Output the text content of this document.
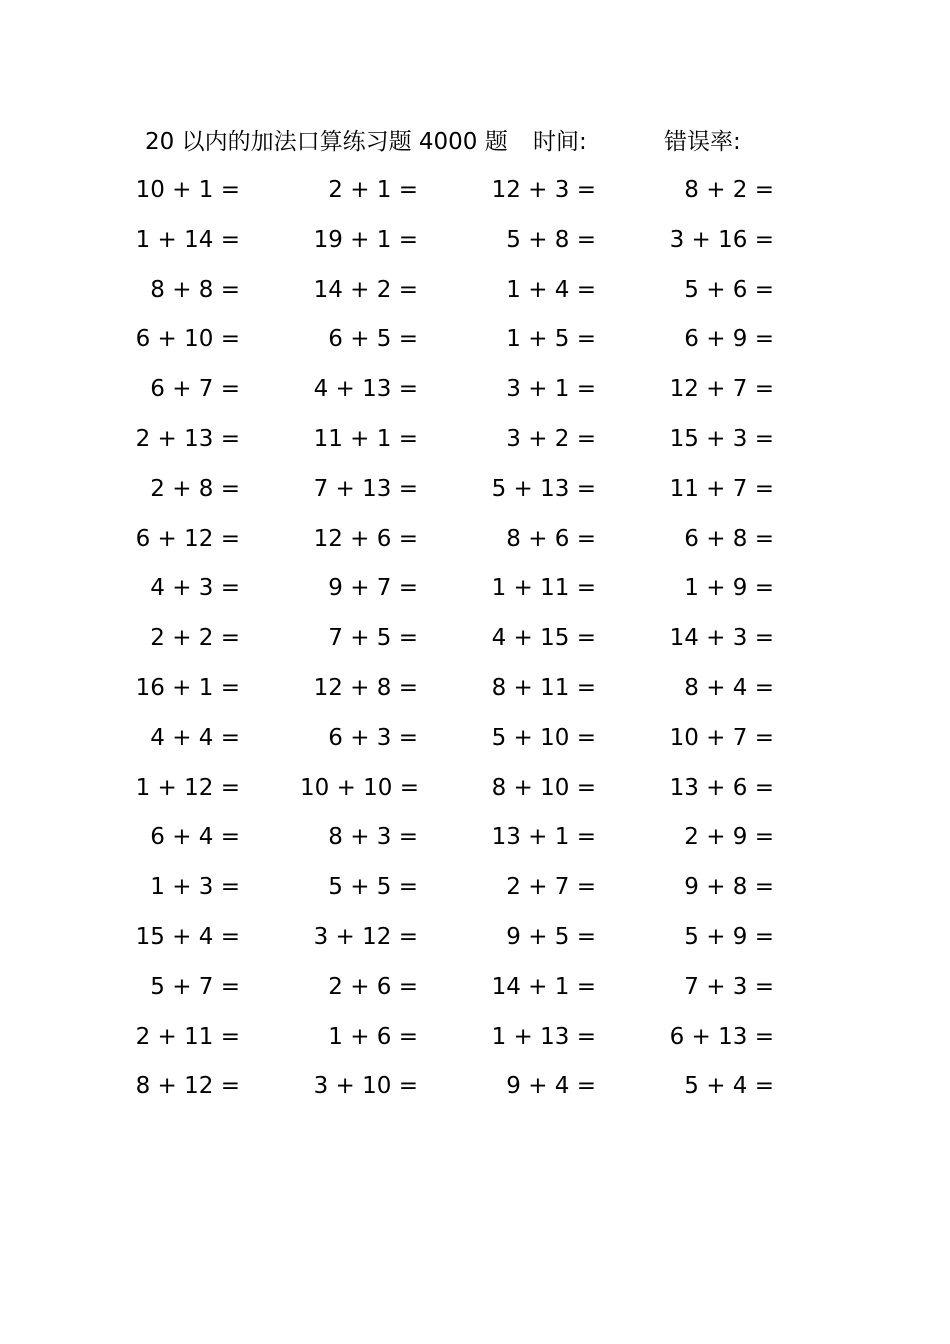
20 以内的加法口算练习题 4000 题 时间:	错误率:
10 + 1 =	2 + 1 =	12 + 3 =	8 + 2 =
1 + 14 =	19 + 1 =	5 + 8 =	3 + 16 =
8 + 8 =	14 + 2 =	1 + 4 =	5 + 6 =
6 + 10 =	6 + 5 =	1 + 5 =	6 + 9 =
6 + 7 =	4 + 13 =	3 + 1 =	12 + 7 =
2 + 13 =	11 + 1 =	3 + 2 =	15 + 3 =
2 + 8 =	7 + 13 =	5 + 13 =	11 + 7 =
6 + 12 =	12 + 6 =	8 + 6 =	6 + 8 =
4 + 3 =	9 + 7 =	1 + 11 =	1 + 9 =
2 + 2 =	7 + 5 =	4 + 15 =	14 + 3 =
16 + 1 =	12 + 8 =	8 + 11 =	8 + 4 =
4 + 4 =	6 + 3 =	5 + 10 =	10 + 7 =
1 + 12 =	10 + 10 =	8 + 10 =	13 + 6 =
6 + 4 =	8 + 3 =	13 + 1 =	2 + 9 =
1 + 3 =	5 + 5 =	2 + 7 =	9 + 8 =
15 + 4 =	3 + 12 =	9 + 5 =	5 + 9 =
5 + 7 =	2 + 6 =	14 + 1 =	7 + 3 =
2 + 11 =	1 + 6 =	1 + 13 =	6 + 13 =
8 + 12 =	3 + 10 =	9 + 4 =	5 + 4 =
